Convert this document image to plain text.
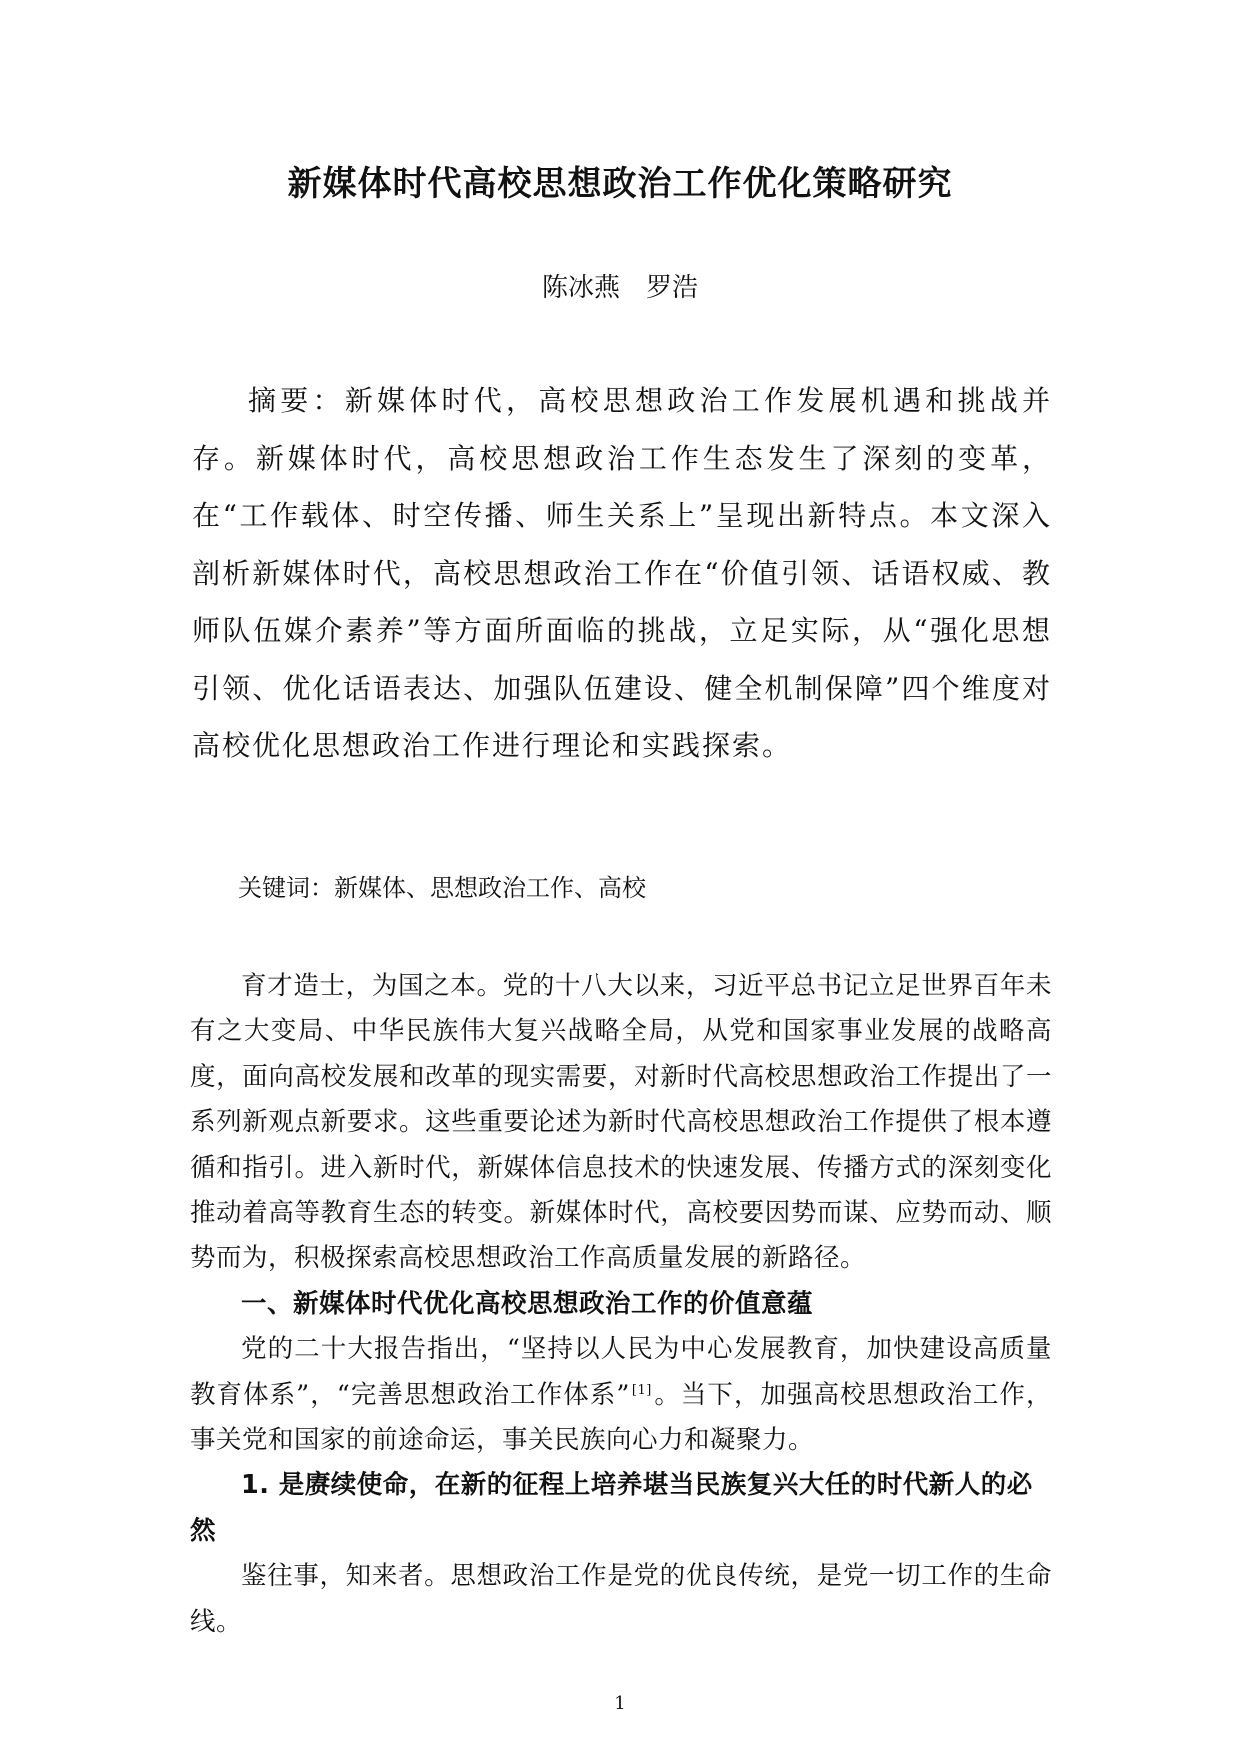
新媒体时代高校思想政治工作优化策略研究
陈冰燕 罗浩

摘要：新媒体时代，高校思想政治工作发展机遇和挑战并存。新媒体时代，高校思想政治工作生态发生了深刻的变革，在“工作载体、时空传播、师生关系上”呈现出新特点。本文深入剖析新媒体时代，高校思想政治工作在“价值引领、话语权威、教师队伍媒介素养”等方面所面临的挑战，立足实际，从“强化思想引领、优化话语表达、加强队伍建设、健全机制保障”四个维度对高校优化思想政治工作进行理论和实践探索。

关键词：新媒体、思想政治工作、高校

育才造士，为国之本。党的十八大以来，习近平总书记立足世界百年未有之大变局、中华民族伟大复兴战略全局，从党和国家事业发展的战略高度，面向高校发展和改革的现实需要，对新时代高校思想政治工作提出了一系列新观点新要求。这些重要论述为新时代高校思想政治工作提供了根本遵循和指引。进入新时代，新媒体信息技术的快速发展、传播方式的深刻变化推动着高等教育生态的转变。新媒体时代，高校要因势而谋、应势而动、顺势而为，积极探索高校思想政治工作高质量发展的新路径。

一、新媒体时代优化高校思想政治工作的价值意蕴

党的二十大报告指出，“坚持以人民为中心发展教育，加快建设高质量教育体系”，“完善思想政治工作体系” [1]。当下，加强高校思想政治工作，事关党和国家的前途命运，事关民族向心力和凝聚力。

1. 是赓续使命，在新的征程上培养堪当民族复兴大任的时代新人的必然

鉴往事，知来者。思想政治工作是党的优良传统，是党一切工作的生命线。

1
